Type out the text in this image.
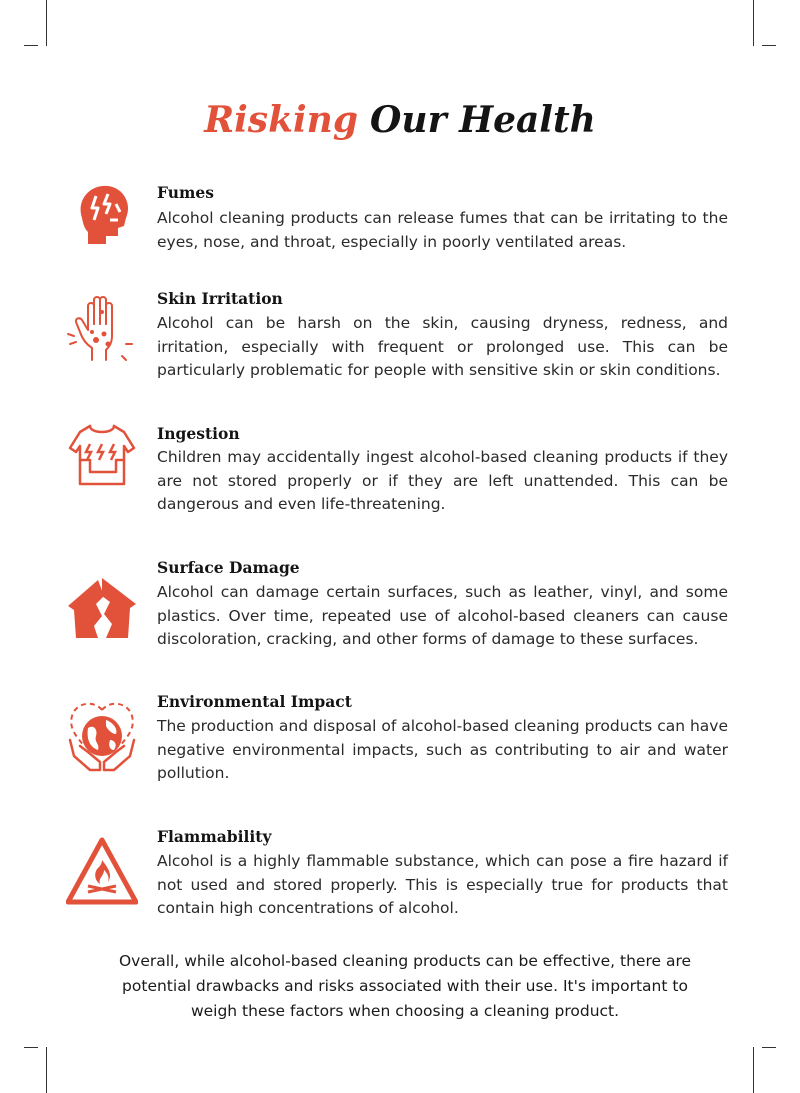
Risking Our Health
Fumes
Alcohol cleaning products can release fumes that can be irritating to the eyes, nose, and throat, especially in poorly ventilated areas.
Skin Irritation
Alcohol can be harsh on the skin, causing dryness, redness, and irritation, especially with frequent or prolonged use. This can be particularly problematic for people with sensitive skin or skin conditions.
Ingestion
Children may accidentally ingest alcohol-based cleaning products if they are not stored properly or if they are left unattended. This can be dangerous and even life-threatening.
Surface Damage
Alcohol can damage certain surfaces, such as leather, vinyl, and some plastics. Over time, repeated use of alcohol-based cleaners can cause discoloration, cracking, and other forms of damage to these surfaces.
Environmental Impact
The production and disposal of alcohol-based cleaning products can have negative environmental impacts, such as contributing to air and water pollution.
Flammability
Alcohol is a highly flammable substance, which can pose a fire hazard if not used and stored properly. This is especially true for products that contain high concentrations of alcohol.
Overall, while alcohol-based cleaning products can be effective, there are potential drawbacks and risks associated with their use. It's important to weigh these factors when choosing a cleaning product.
